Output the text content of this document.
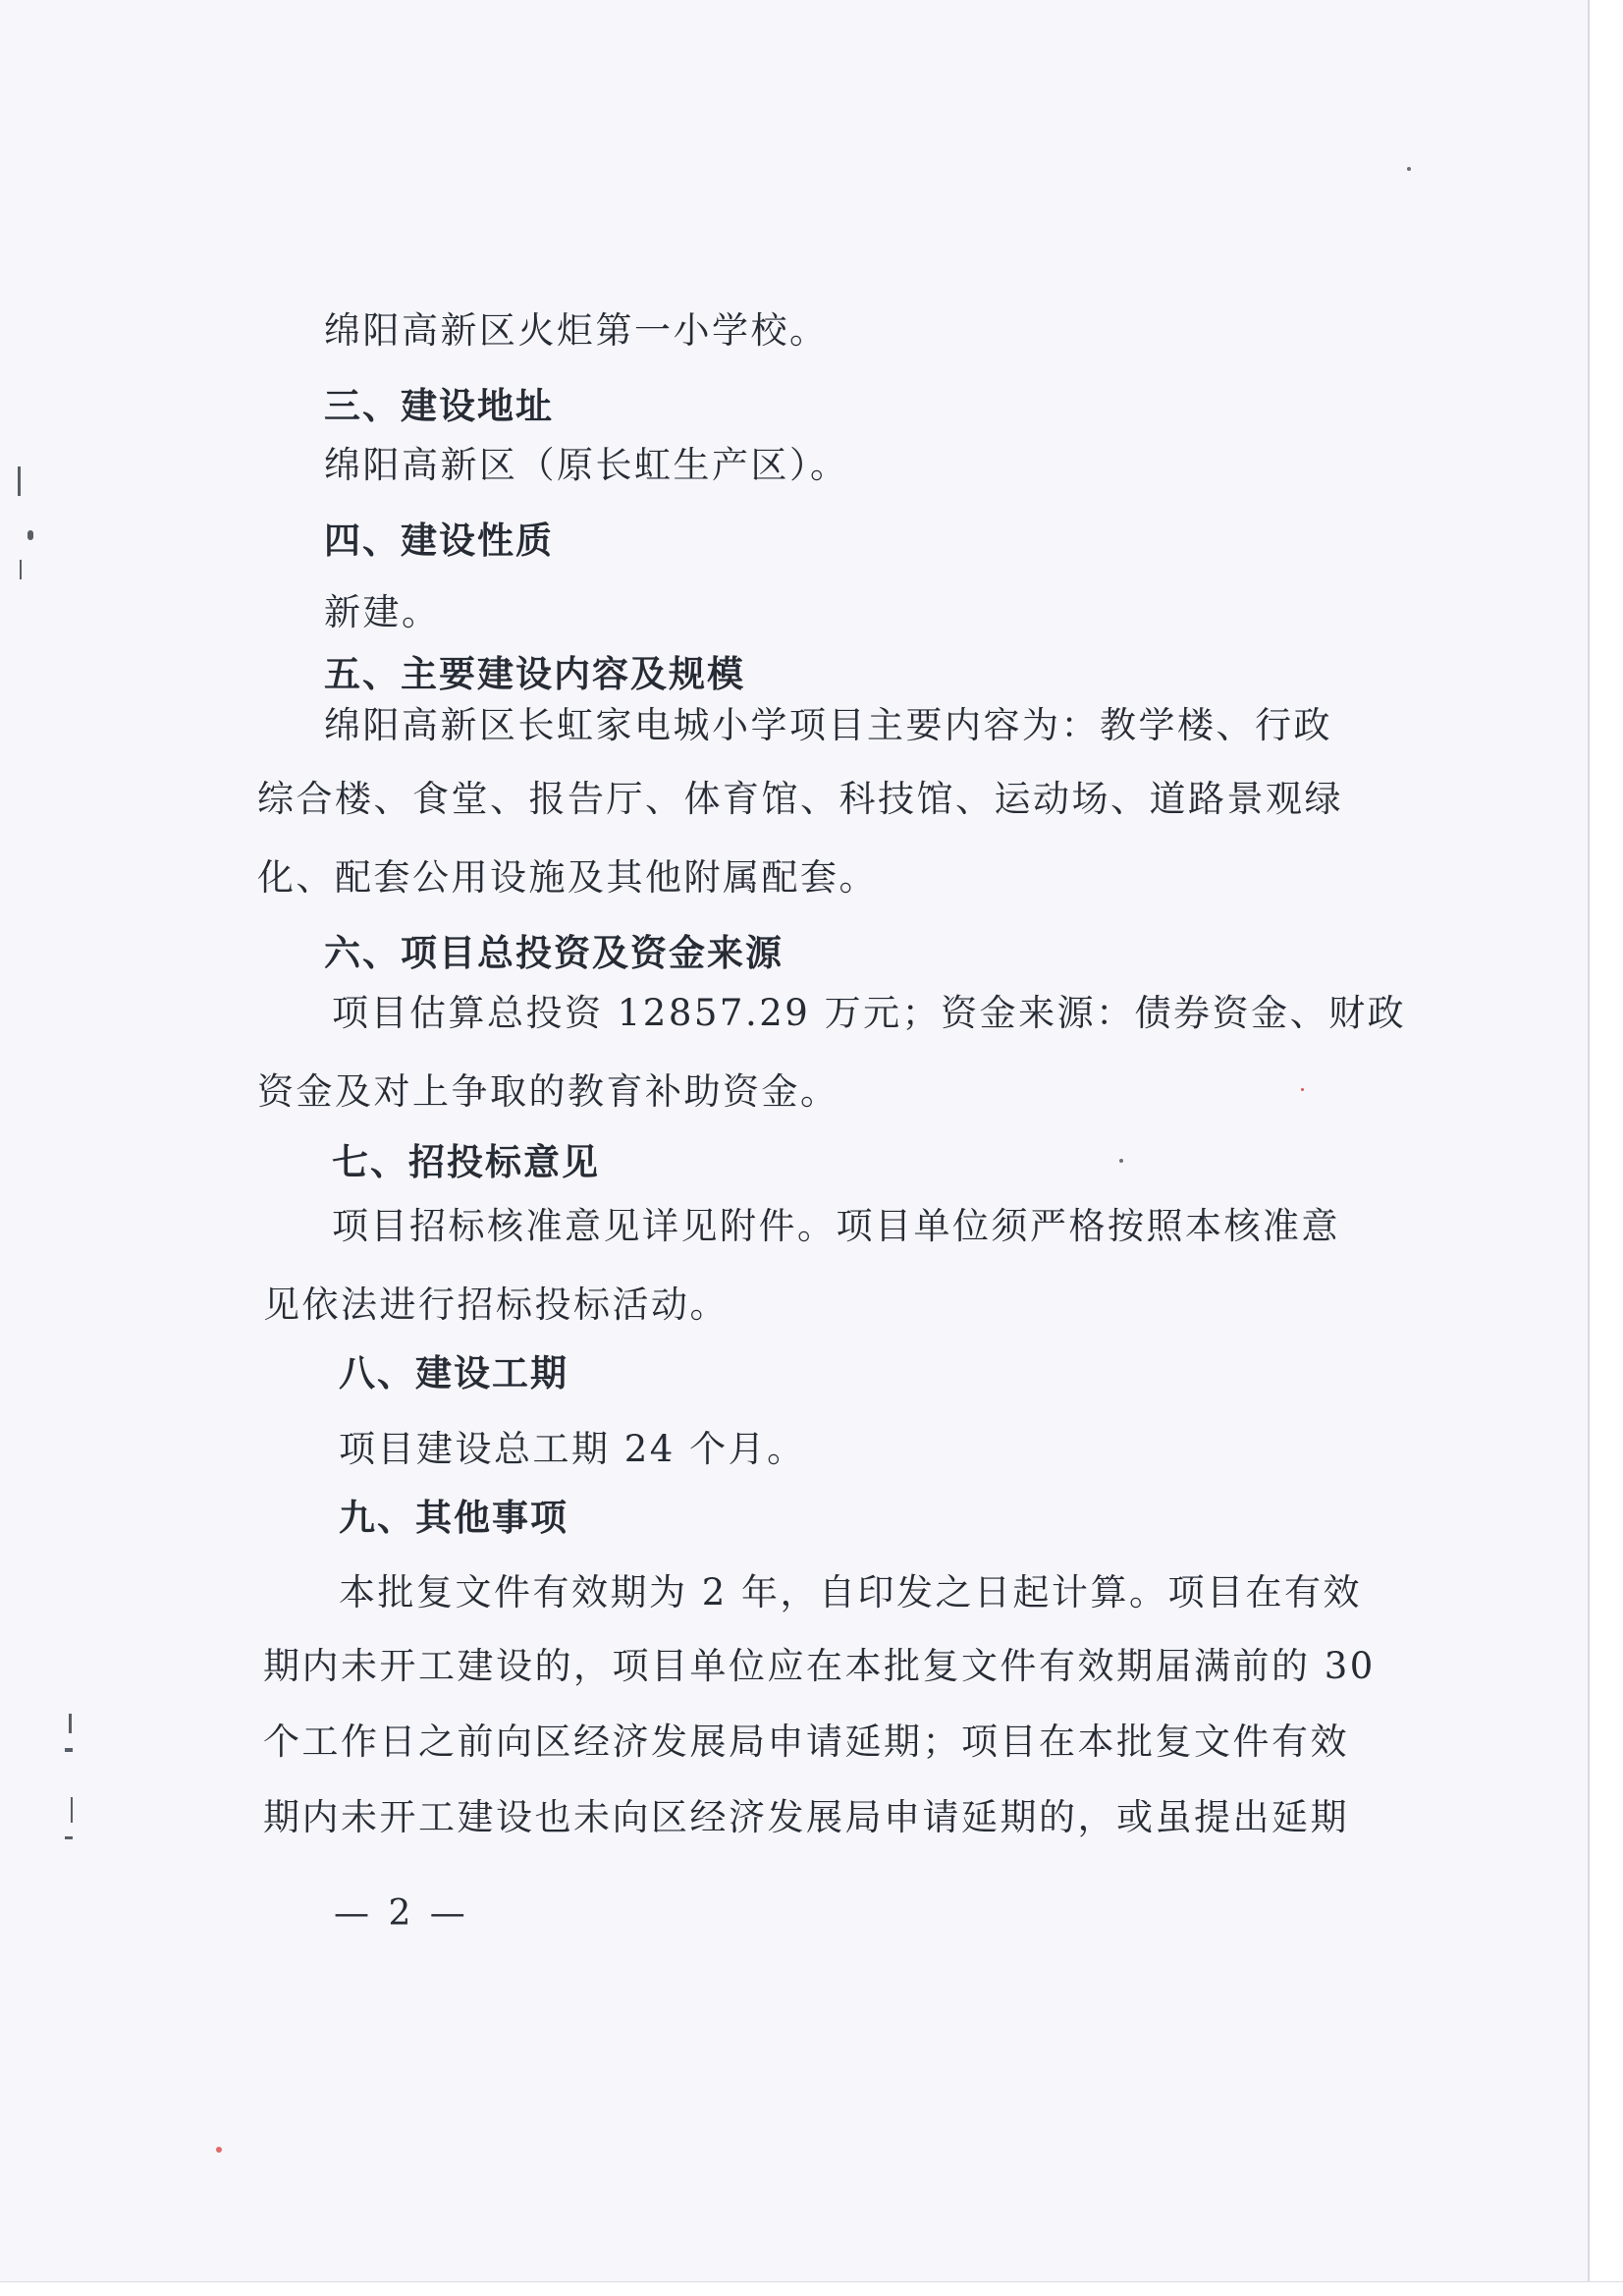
绵阳高新区火炬第一小学校。
三、建设地址
绵阳高新区（原长虹生产区）。
四、建设性质
新建。
五、主要建设内容及规模
绵阳高新区长虹家电城小学项目主要内容为：教学楼、行政
综合楼、食堂、报告厅、体育馆、科技馆、运动场、道路景观绿
化、配套公用设施及其他附属配套。
六、项目总投资及资金来源
项目估算总投资 12857.29 万元；资金来源：债券资金、财政
资金及对上争取的教育补助资金。
七、招投标意见
项目招标核准意见详见附件。项目单位须严格按照本核准意
见依法进行招标投标活动。
八、建设工期
项目建设总工期 24 个月。
九、其他事项
本批复文件有效期为 2 年，自印发之日起计算。项目在有效
期内未开工建设的，项目单位应在本批复文件有效期届满前的 30
个工作日之前向区经济发展局申请延期；项目在本批复文件有效
期内未开工建设也未向区经济发展局申请延期的，或虽提出延期
— 2 —
